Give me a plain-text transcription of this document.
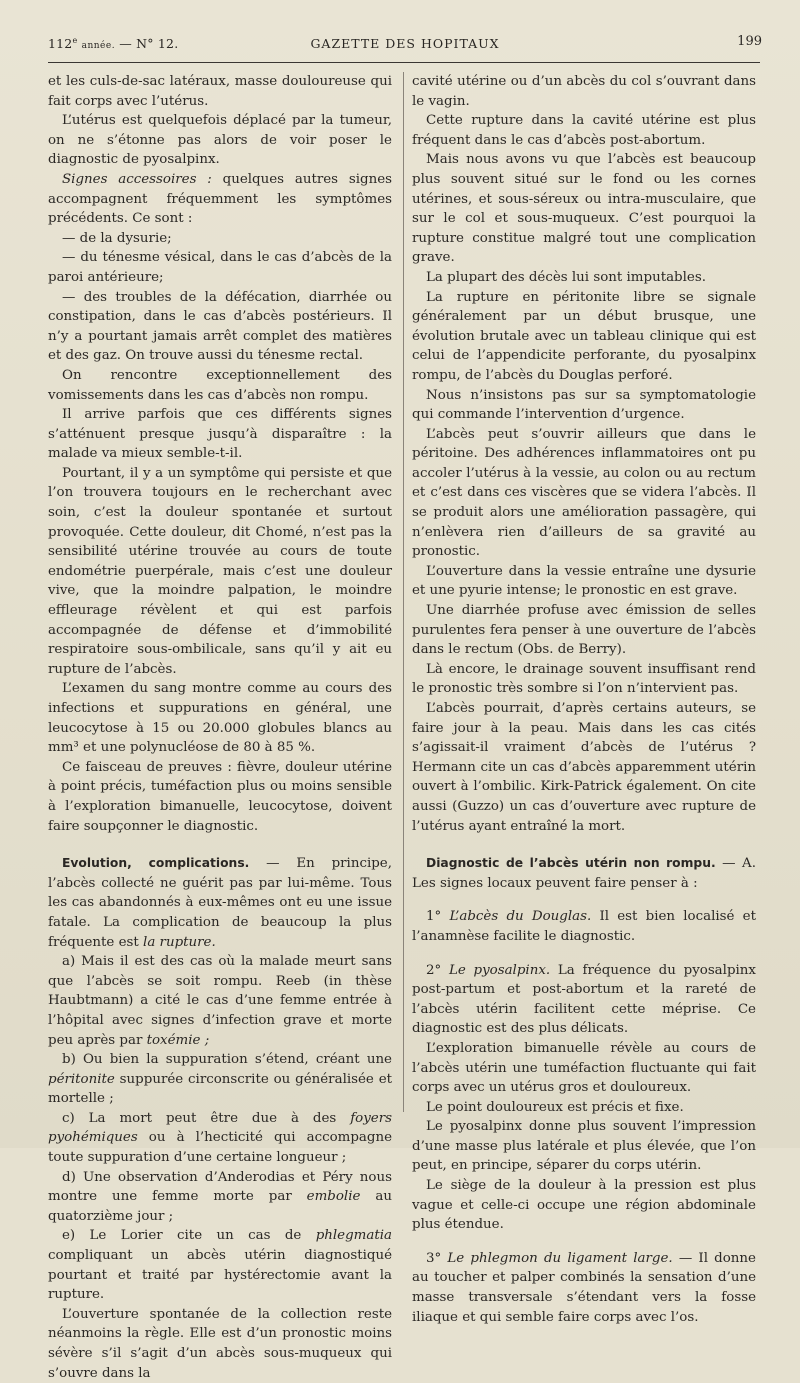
112e année. — N° 12.	GAZETTE DES HOPITAUX	199

et les culs-de-sac latéraux, masse douloureuse qui fait corps avec l’utérus.

L’utérus est quelquefois déplacé par la tumeur, on ne s’étonne pas alors de voir poser le diagnostic de pyosalpinx.

Signes accessoires : quelques autres signes accompagnent fréquemment les symptômes précédents. Ce sont :

— de la dysurie;

— du ténesme vésical, dans le cas d’abcès de la paroi antérieure;

— des troubles de la défécation, diarrhée ou constipation, dans le cas d’abcès postérieurs. Il n’y a pourtant jamais arrêt complet des matières et des gaz. On trouve aussi du ténesme rectal.

On rencontre exceptionnellement des vomissements dans les cas d’abcès non rompu.

Il arrive parfois que ces différents signes s’atténuent presque jusqu’à disparaître : la malade va mieux semble-t-il.

Pourtant, il y a un symptôme qui persiste et que l’on trouvera toujours en le recherchant avec soin, c’est la douleur spontanée et surtout provoquée. Cette douleur, dit Chomé, n’est pas la sensibilité utérine trouvée au cours de toute endométrie puerpérale, mais c’est une douleur vive, que la moindre palpation, le moindre effleurage révèlent et qui est parfois accompagnée de défense et d’immobilité respiratoire sous-ombilicale, sans qu’il y ait eu rupture de l’abcès.

L’examen du sang montre comme au cours des infections et suppurations en général, une leucocytose à 15 ou 20.000 globules blancs au mm³ et une polynucléose de 80 à 85 %.

Ce faisceau de preuves : fièvre, douleur utérine à point précis, tuméfaction plus ou moins sensible à l’exploration bimanuelle, leucocytose, doivent faire soupçonner le diagnostic.

Evolution, complications. — En principe, l’abcès collecté ne guérit pas par lui-même. Tous les cas abandonnés à eux-mêmes ont eu une issue fatale. La complication de beaucoup la plus fréquente est la rupture.

a) Mais il est des cas où la malade meurt sans que l’abcès se soit rompu. Reeb (in thèse Haubtmann) a cité le cas d’une femme entrée à l’hôpital avec signes d’infection grave et morte peu après par toxémie ;

b) Ou bien la suppuration s’étend, créant une péritonite suppurée circonscrite ou généralisée et mortelle ;

c) La mort peut être due à des foyers pyohémiques ou à l’hecticité qui accompagne toute suppuration d’une certaine longueur ;

d) Une observation d’Anderodias et Péry nous montre une femme morte par embolie au quatorzième jour ;

e) Le Lorier cite un cas de phlegmatia compliquant un abcès utérin diagnostiqué pourtant et traité par hystérectomie avant la rupture.

L’ouverture spontanée de la collection reste néanmoins la règle. Elle est d’un pronostic moins sévère s’il s’agit d’un abcès sous-muqueux qui s’ouvre dans la

cavité utérine ou d’un abcès du col s’ouvrant dans le vagin.

Cette rupture dans la cavité utérine est plus fréquent dans le cas d’abcès post-abortum.

Mais nous avons vu que l’abcès est beaucoup plus souvent situé sur le fond ou les cornes utérines, et sous-séreux ou intra-musculaire, que sur le col et sous-muqueux. C’est pourquoi la rupture constitue malgré tout une complication grave.

La plupart des décès lui sont imputables.

La rupture en péritonite libre se signale généralement par un début brusque, une évolution brutale avec un tableau clinique qui est celui de l’appendicite perforante, du pyosalpinx rompu, de l’abcès du Douglas perforé.

Nous n’insistons pas sur sa symptomatologie qui commande l’intervention d’urgence.

L’abcès peut s’ouvrir ailleurs que dans le péritoine. Des adhérences inflammatoires ont pu accoler l’utérus à la vessie, au colon ou au rectum et c’est dans ces viscères que se videra l’abcès. Il se produit alors une amélioration passagère, qui n’enlèvera rien d’ailleurs de sa gravité au pronostic.

L’ouverture dans la vessie entraîne une dysurie et une pyurie intense; le pronostic en est grave.

Une diarrhée profuse avec émission de selles purulentes fera penser à une ouverture de l’abcès dans le rectum (Obs. de Berry).

Là encore, le drainage souvent insuffisant rend le pronostic très sombre si l’on n’intervient pas.

L’abcès pourrait, d’après certains auteurs, se faire jour à la peau. Mais dans les cas cités s’agissait-il vraiment d’abcès de l’utérus ? Hermann cite un cas d’abcès apparemment utérin ouvert à l’ombilic. Kirk-Patrick également. On cite aussi (Guzzo) un cas d’ouverture avec rupture de l’utérus ayant entraîné la mort.

Diagnostic de l’abcès utérin non rompu. — A. Les signes locaux peuvent faire penser à :

1° L’abcès du Douglas. Il est bien localisé et l’anamnèse facilite le diagnostic.

2° Le pyosalpinx. La fréquence du pyosalpinx post-partum et post-abortum et la rareté de l’abcès utérin facilitent cette méprise. Ce diagnostic est des plus délicats.

L’exploration bimanuelle révèle au cours de l’abcès utérin une tuméfaction fluctuante qui fait corps avec un utérus gros et douloureux.

Le point douloureux est précis et fixe.

Le pyosalpinx donne plus souvent l’impression d’une masse plus latérale et plus élevée, que l’on peut, en principe, séparer du corps utérin.

Le siège de la douleur à la pression est plus vague et celle-ci occupe une région abdominale plus étendue.

3° Le phlegmon du ligament large. — Il donne au toucher et palper combinés la sensation d’une masse transversale s’étendant vers la fosse iliaque et qui semble faire corps avec l’os.
